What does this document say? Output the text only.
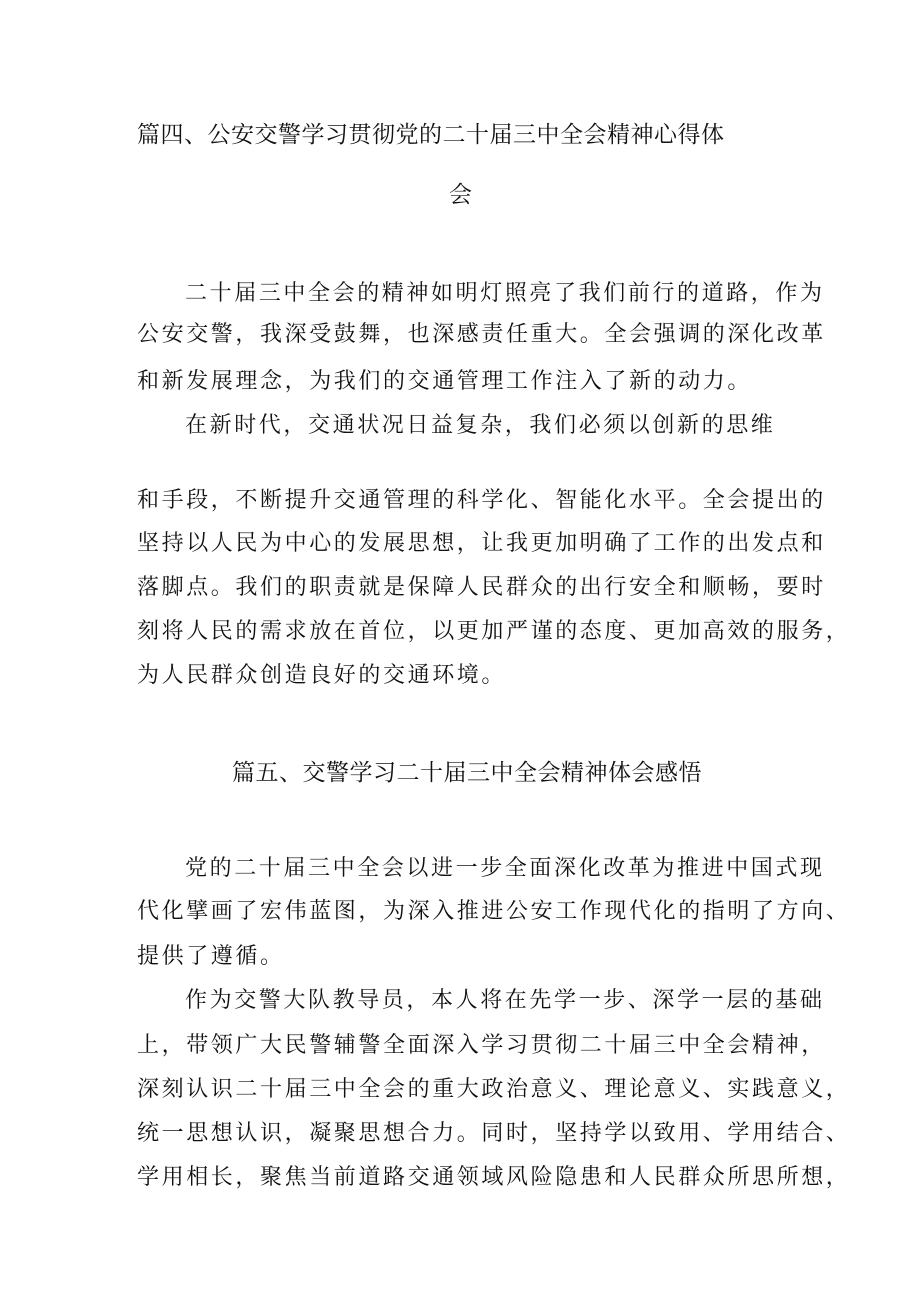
篇四、公安交警学习贯彻党的二十届三中全会精神心得体
会
二十届三中全会的精神如明灯照亮了我们前行的道路，作为
公安交警，我深受鼓舞，也深感责任重大。全会强调的深化改革
和新发展理念，为我们的交通管理工作注入了新的动力。
在新时代，交通状况日益复杂，我们必须以创新的思维
和手段，不断提升交通管理的科学化、智能化水平。全会提出的
坚持以人民为中心的发展思想，让我更加明确了工作的出发点和
落脚点。我们的职责就是保障人民群众的出行安全和顺畅，要时
刻将人民的需求放在首位，以更加严谨的态度、更加高效的服务，
为人民群众创造良好的交通环境。
篇五、交警学习二十届三中全会精神体会感悟
党的二十届三中全会以进一步全面深化改革为推进中国式现
代化擘画了宏伟蓝图，为深入推进公安工作现代化的指明了方向、
提供了遵循。
作为交警大队教导员，本人将在先学一步、深学一层的基础
上，带领广大民警辅警全面深入学习贯彻二十届三中全会精神，
深刻认识二十届三中全会的重大政治意义、理论意义、实践意义，
统一思想认识，凝聚思想合力。同时，坚持学以致用、学用结合、
学用相长，聚焦当前道路交通领域风险隐患和人民群众所思所想，
